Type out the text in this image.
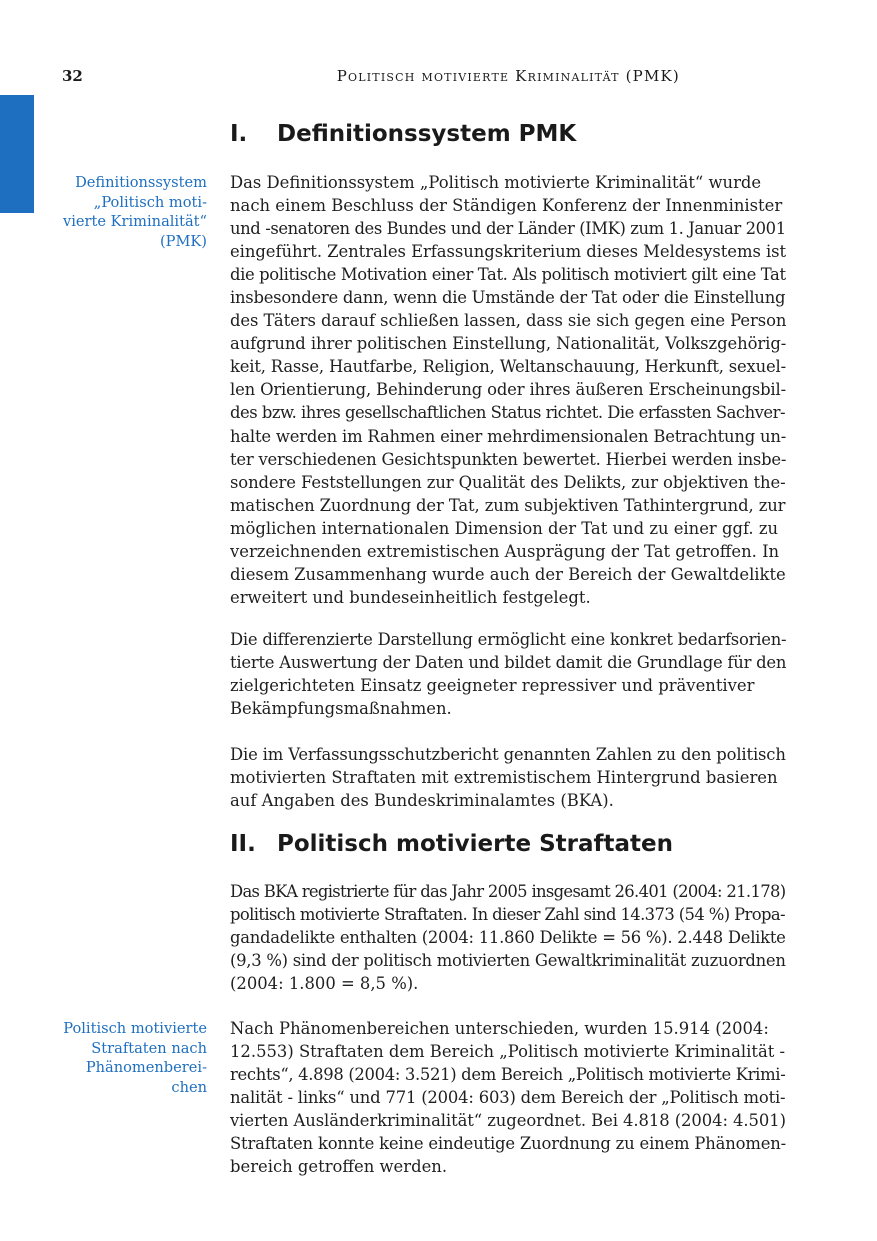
32	Politisch motivierte Kriminalität (PMK)
I. Definitionssystem PMK
Definitionssystem
„Politisch moti-
vierte Kriminalität“
(PMK)
Das Definitionssystem „Politisch motivierte Kriminalität“ wurde
nach einem Beschluss der Ständigen Konferenz der Innenminister
und -senatoren des Bundes und der Länder (IMK) zum 1. Januar 2001
eingeführt. Zentrales Erfassungskriterium dieses Meldesystems ist
die politische Motivation einer Tat. Als politisch motiviert gilt eine Tat
insbesondere dann, wenn die Umstände der Tat oder die Einstellung
des Täters darauf schließen lassen, dass sie sich gegen eine Person
aufgrund ihrer politischen Einstellung, Nationalität, Volkszgehörig-
keit, Rasse, Hautfarbe, Religion, Weltanschauung, Herkunft, sexuel-
len Orientierung, Behinderung oder ihres äußeren Erscheinungsbil-
des bzw. ihres gesellschaftlichen Status richtet. Die erfassten Sachver-
halte werden im Rahmen einer mehrdimensionalen Betrachtung un-
ter verschiedenen Gesichtspunkten bewertet. Hierbei werden insbe-
sondere Feststellungen zur Qualität des Delikts, zur objektiven the-
matischen Zuordnung der Tat, zum subjektiven Tathintergrund, zur
möglichen internationalen Dimension der Tat und zu einer ggf. zu
verzeichnenden extremistischen Ausprägung der Tat getroffen. In
diesem Zusammenhang wurde auch der Bereich der Gewaltdelikte
erweitert und bundeseinheitlich festgelegt.
Die differenzierte Darstellung ermöglicht eine konkret bedarfsorien-
tierte Auswertung der Daten und bildet damit die Grundlage für den
zielgerichteten Einsatz geeigneter repressiver und präventiver
Bekämpfungsmaßnahmen.
Die im Verfassungsschutzbericht genannten Zahlen zu den politisch
motivierten Straftaten mit extremistischem Hintergrund basieren
auf Angaben des Bundeskriminalamtes (BKA).
II. Politisch motivierte Straftaten
Das BKA registrierte für das Jahr 2005 insgesamt 26.401 (2004: 21.178)
politisch motivierte Straftaten. In dieser Zahl sind 14.373 (54 %) Propa-
gandadelikte enthalten (2004: 11.860 Delikte = 56 %). 2.448 Delikte
(9,3 %) sind der politisch motivierten Gewaltkriminalität zuzuordnen
(2004: 1.800 = 8,5 %).
Politisch motivierte
Straftaten nach
Phänomenberei-
chen
Nach Phänomenbereichen unterschieden, wurden 15.914 (2004:
12.553) Straftaten dem Bereich „Politisch motivierte Kriminalität -
rechts“, 4.898 (2004: 3.521) dem Bereich „Politisch motivierte Krimi-
nalität - links“ und 771 (2004: 603) dem Bereich der „Politisch moti-
vierten Ausländerkriminalität“ zugeordnet. Bei 4.818 (2004: 4.501)
Straftaten konnte keine eindeutige Zuordnung zu einem Phänomen-
bereich getroffen werden.
